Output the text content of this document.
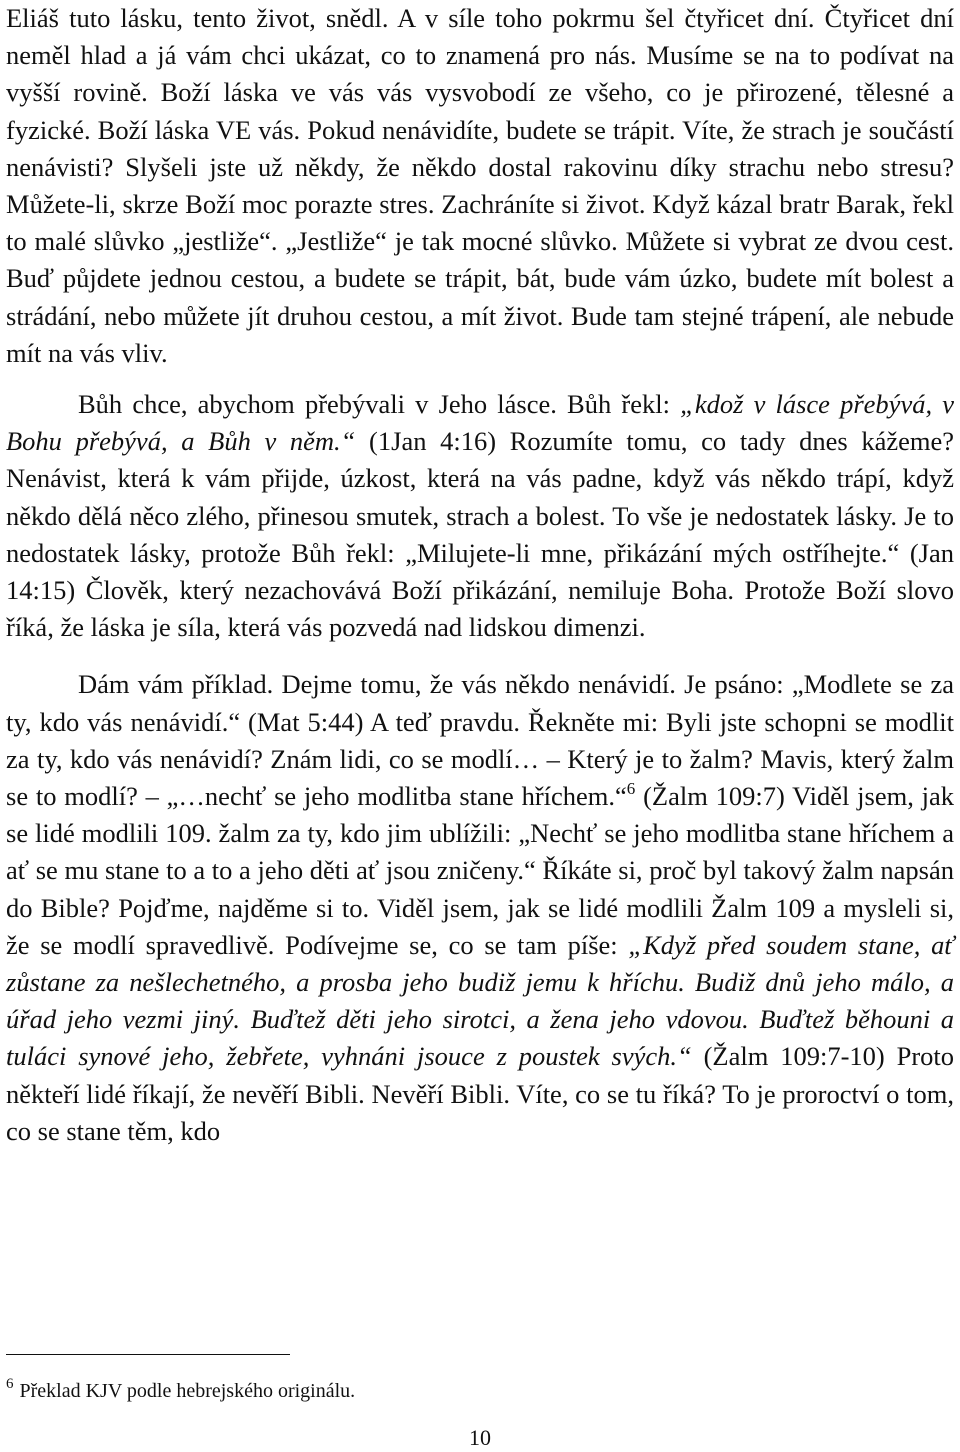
Eliáš tuto lásku, tento život, snědl. A v síle toho pokrmu šel čtyřicet dní. Čtyřicet dní neměl hlad a já vám chci ukázat, co to znamená pro nás. Musíme se na to podívat na vyšší rovině. Boží láska ve vás vás vysvobodí ze všeho, co je přirozené, tělesné a fyzické. Boží láska VE vás. Pokud nenávidíte, budete se trápit. Víte, že strach je součástí nenávisti? Slyšeli jste už někdy, že někdo dostal rakovinu díky strachu nebo stresu? Můžete-li, skrze Boží moc porazte stres. Zachráníte si život. Když kázal bratr Barak, řekl to malé slůvko „jestliže“. „Jestliže“ je tak mocné slůvko. Můžete si vybrat ze dvou cest. Buď půjdete jednou cestou, a budete se trápit, bát, bude vám úzko, budete mít bolest a strádání, nebo můžete jít druhou cestou, a mít život. Bude tam stejné trápení, ale nebude mít na vás vliv.

Bůh chce, abychom přebývali v Jeho lásce. Bůh řekl: „kdož v lásce přebývá, v Bohu přebývá, a Bůh v něm.“ (1Jan 4:16) Rozumíte tomu, co tady dnes kážeme? Nenávist, která k vám přijde, úzkost, která na vás padne, když vás někdo trápí, když někdo dělá něco zlého, přinesou smutek, strach a bolest. To vše je nedostatek lásky. Je to nedostatek lásky, protože Bůh řekl: „Milujete-li mne, přikázání mých ostříhejte.“ (Jan 14:15) Člověk, který nezachovává Boží přikázání, nemiluje Boha. Protože Boží slovo říká, že láska je síla, která vás pozvedá nad lidskou dimenzi.

Dám vám příklad. Dejme tomu, že vás někdo nenávidí. Je psáno: „Modlete se za ty, kdo vás nenávidí.“ (Mat 5:44) A teď pravdu. Řekněte mi: Byli jste schopni se modlit za ty, kdo vás nenávidí? Znám lidi, co se modlí… – Který je to žalm? Mavis, který žalm se to modlí? – „…nechť se jeho modlitba stane hříchem.“$^6$ (Žalm 109:7) Viděl jsem, jak se lidé modlili 109. žalm za ty, kdo jim ublížili: „Nechť se jeho modlitba stane hříchem a ať se mu stane to a to a jeho děti ať jsou zničeny.“ Říkáte si, proč byl takový žalm napsán do Bible? Pojďme, najděme si to. Viděl jsem, jak se lidé modlili Žalm 109 a mysleli si, že se modlí spravedlivě. Podívejme se, co se tam píše: „Když před soudem stane, ať zůstane za nešlechetného, a prosba jeho budiž jemu k hříchu. Budiž dnů jeho málo, a úřad jeho vezmi jiný. Buďtež děti jeho sirotci, a žena jeho vdovou. Buďtež běhouni a tuláci synové jeho, žebřete, vyhnáni jsouce z poustek svých.“ (Žalm 109:7-10) Proto někteří lidé říkají, že nevěří Bibli. Nevěří Bibli. Víte, co se tu říká? To je proroctví o tom, co se stane těm, kdo

$^6$ Překlad KJV podle hebrejského originálu.
10
